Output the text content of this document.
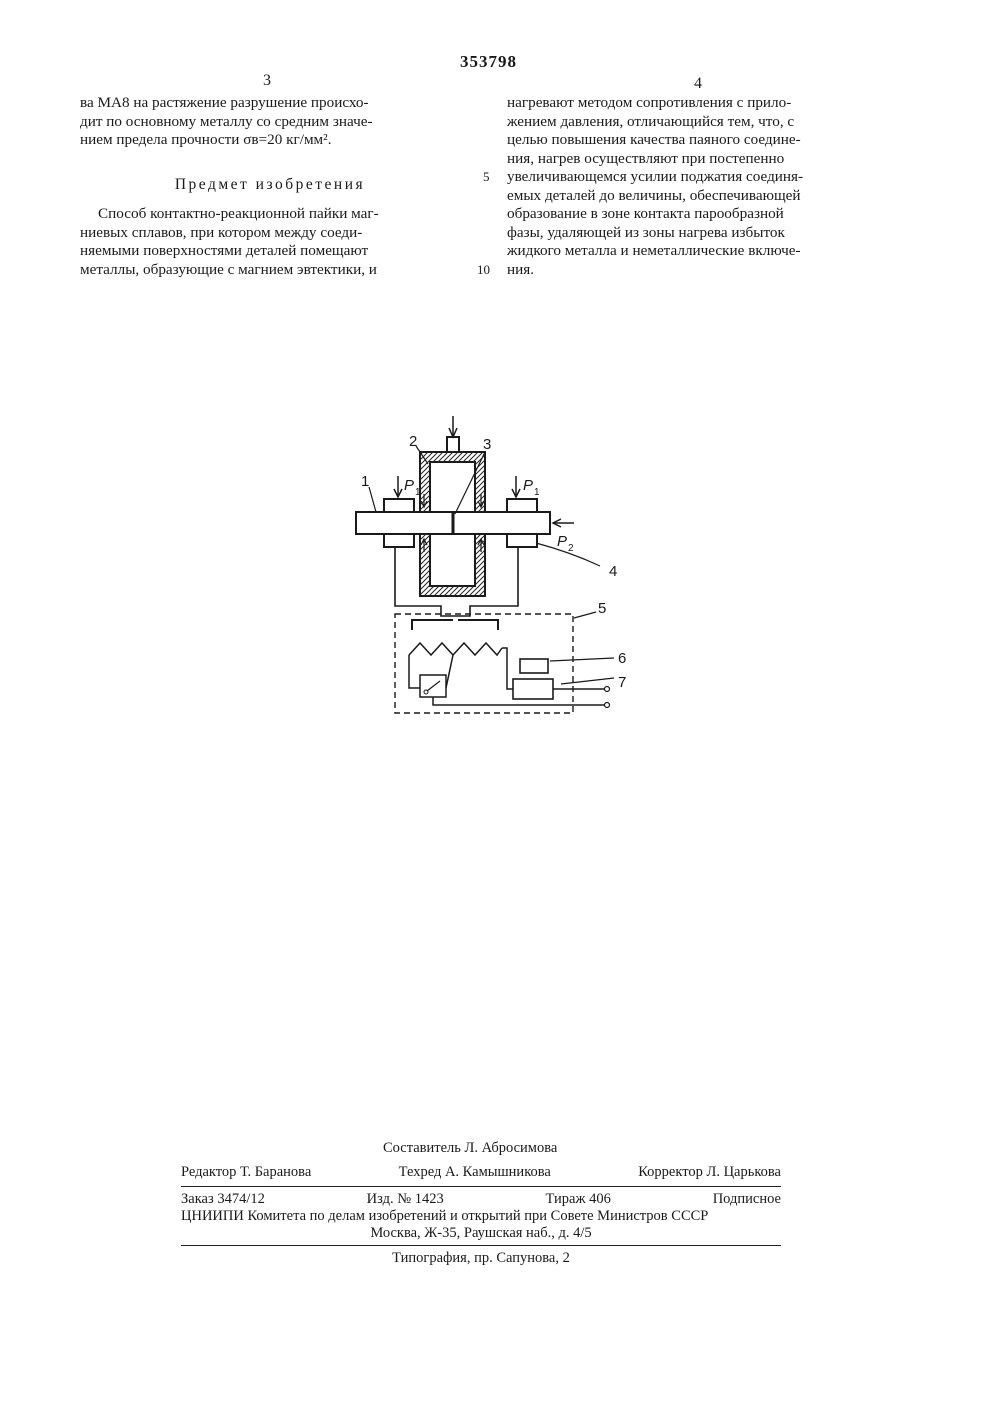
353798
3	4

ва МА8 на растяжение разрушение происхо-

дит по основному металлу со средним значе-

нием предела прочности σв=20 кг/мм².

Предмет изобретения

Способ контактно-реакционной пайки маг-

ниевых сплавов, при котором между соеди-

няемыми поверхностями деталей помещают

металлы, образующие с магнием эвтектики, и

5
10

нагревают методом сопротивления с прило-

жением давления, отличающийся тем, что, с

целью повышения качества паяного соедине-

ния, нагрев осуществляют при постепенно

увеличивающемся усилии поджатия соединя-

емых деталей до величины, обеспечивающей

образование в зоне контакта парообразной

фазы, удаляющей из зоны нагрева избыток

жидкого металла и неметаллические включе-

ния.

1
2	3
4
5
6
7
P 1	P 1
P 2
Составитель Л. Абросимова
Редактор Т. Баранова	Техред А. Камышникова	Корректор Л. Царькова
Заказ 3474/12	Изд. № 1423	Тираж 406	Подписное
ЦНИИПИ Комитета по делам изобретений и открытий при Совете Министров СССР
Москва, Ж-35, Раушская наб., д. 4/5
Типография, пр. Сапунова, 2
